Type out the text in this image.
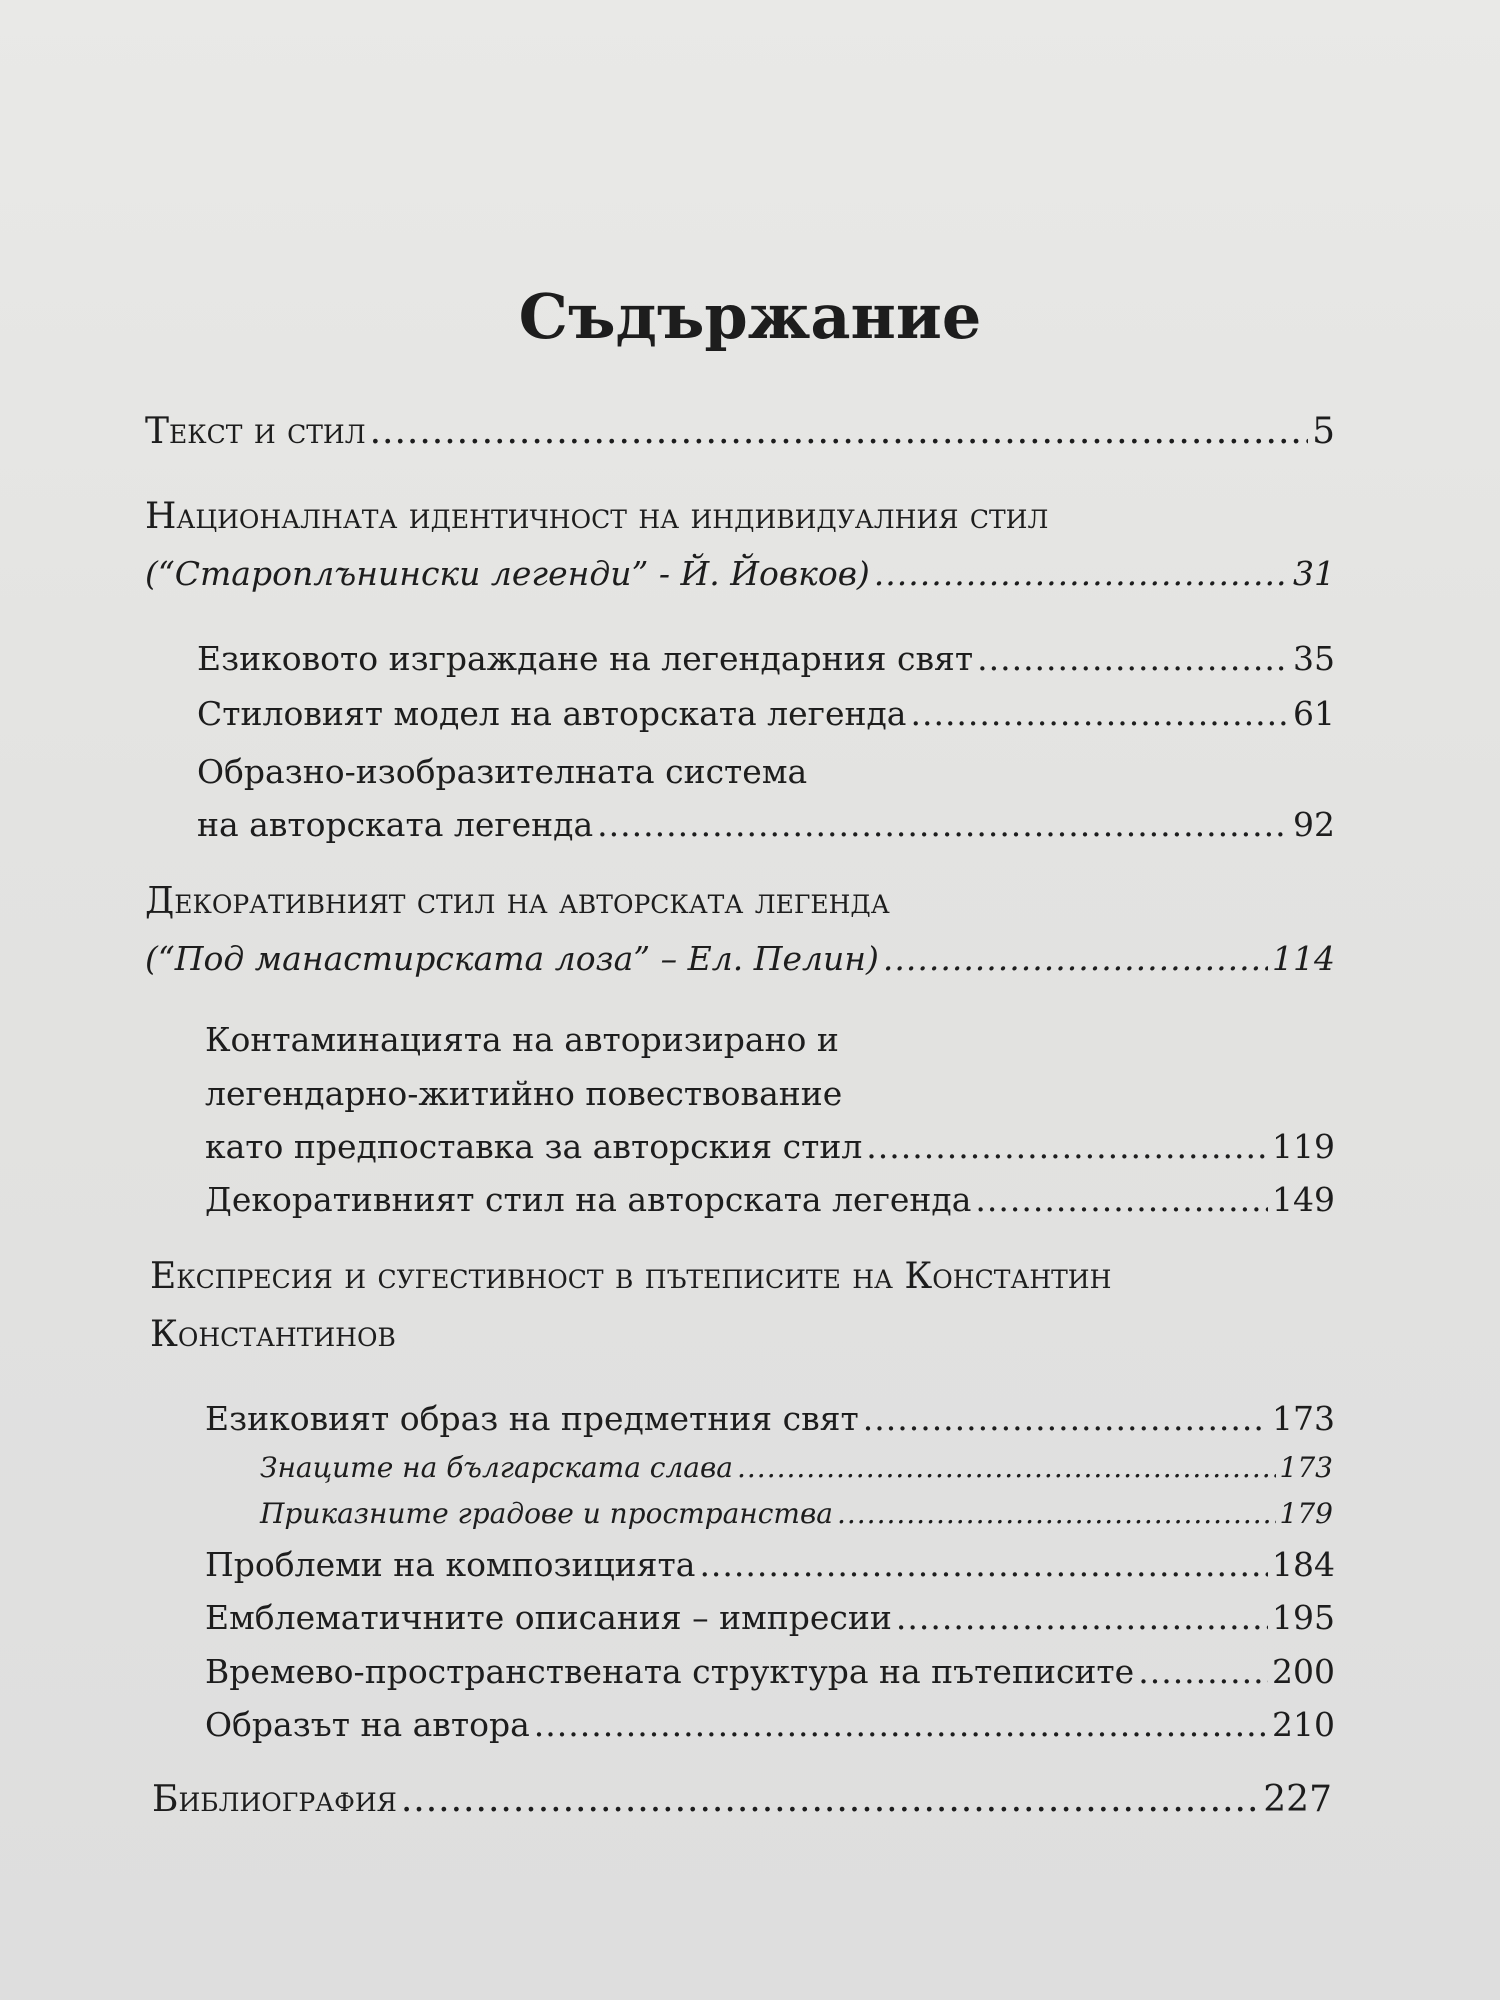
Съдържание
Текст и стил .....	5
Националната идентичност на индивидуалния стил
(“Староплънински легенди” - Й. Йовков) .....	31
Езиковото изграждане на легендарния свят .....	35
Стиловият модел на авторската легенда .....	61
Образно-изобразителната система
на авторската легенда .....	92
Декоративният стил на авторската легенда
(“Под манастирската лоза” – Ел. Пелин) .....	114
Контаминацията на авторизирано и
легендарно-житийно повествование
като предпоставка за авторския стил .....	119
Декоративният стил на авторската легенда .....	149
Експресия и сугестивност в пътеписите на Константин
Константинов
Езиковият образ на предметния свят .....	173
Знаците на българската слава .....	173
Приказните градове и пространства .....	179
Проблеми на композицията .....	184
Емблематичните описания – импресии .....	195
Времево-пространствената структура на пътеписите .....	200
Образът на автора .....	210
Библиография .....	227
